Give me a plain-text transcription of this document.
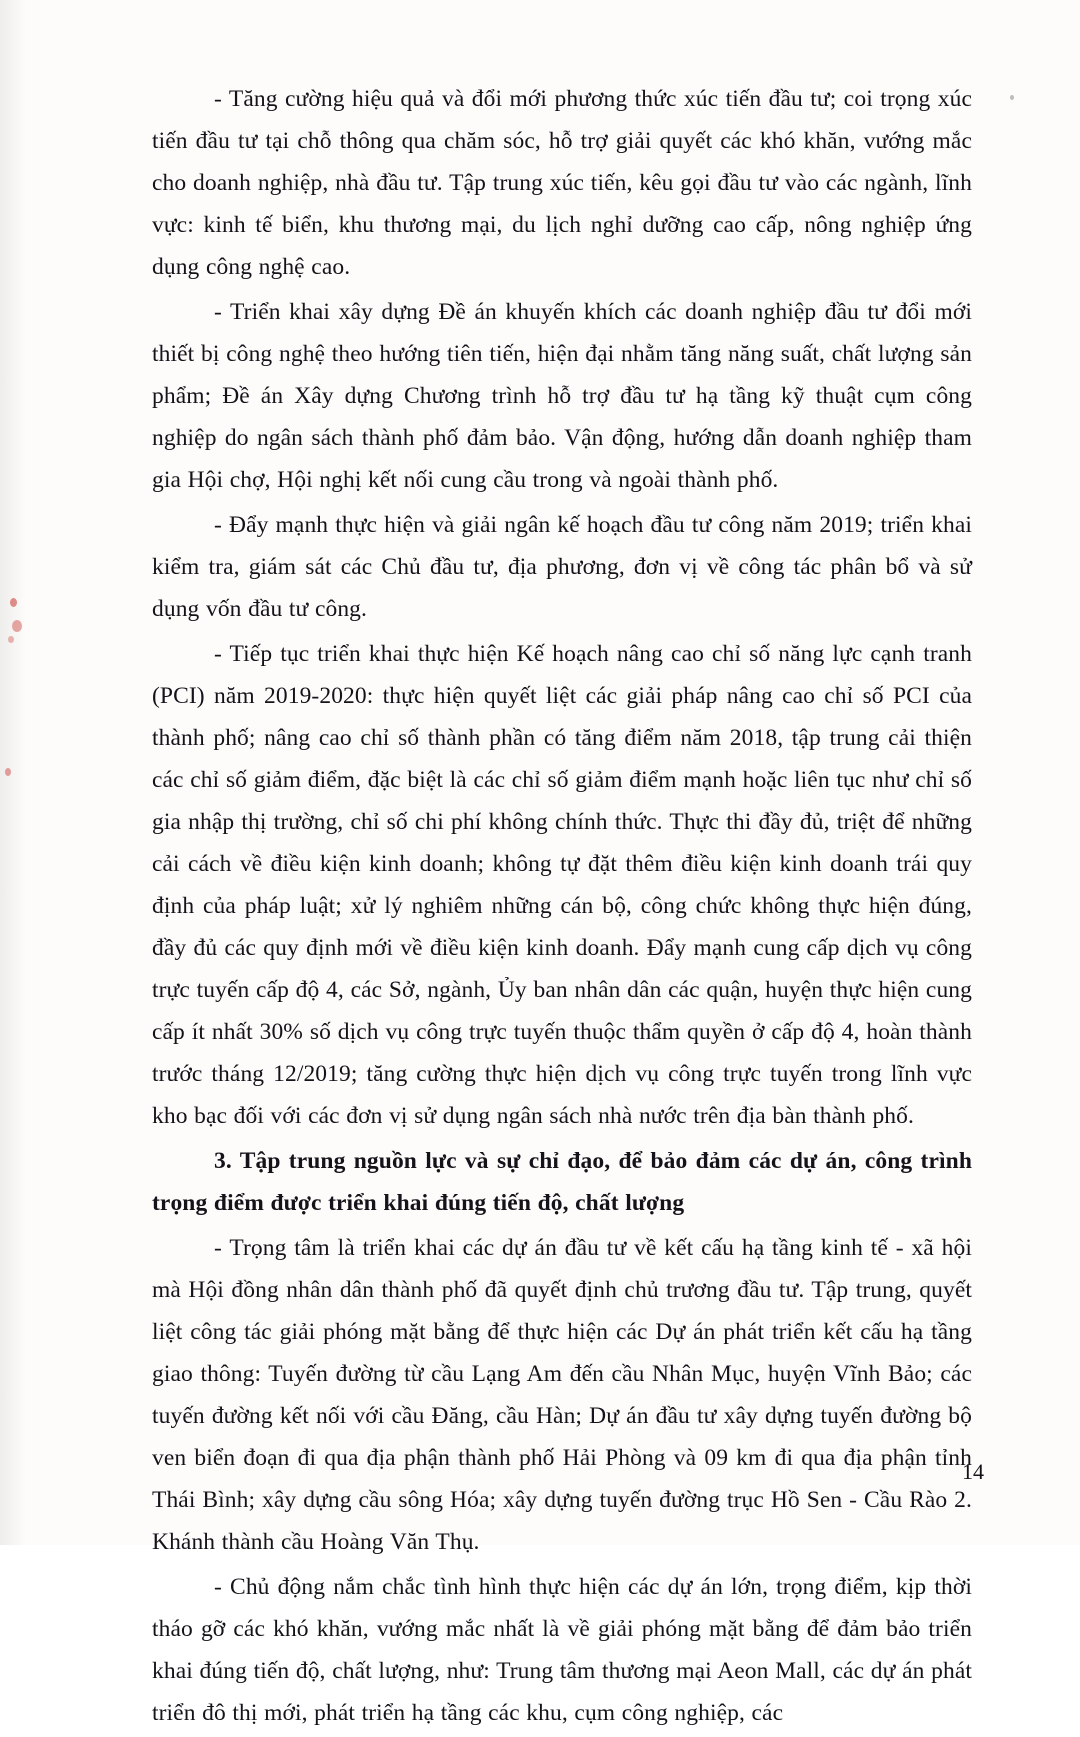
- Tăng cường hiệu quả và đổi mới phương thức xúc tiến đầu tư; coi trọng xúc tiến đầu tư tại chỗ thông qua chăm sóc, hỗ trợ giải quyết các khó khăn, vướng mắc cho doanh nghiệp, nhà đầu tư. Tập trung xúc tiến, kêu gọi đầu tư vào các ngành, lĩnh vực: kinh tế biển, khu thương mại, du lịch nghỉ dưỡng cao cấp, nông nghiệp ứng dụng công nghệ cao.

- Triển khai xây dựng Đề án khuyến khích các doanh nghiệp đầu tư đổi mới thiết bị công nghệ theo hướng tiên tiến, hiện đại nhằm tăng năng suất, chất lượng sản phẩm; Đề án Xây dựng Chương trình hỗ trợ đầu tư hạ tầng kỹ thuật cụm công nghiệp do ngân sách thành phố đảm bảo. Vận động, hướng dẫn doanh nghiệp tham gia Hội chợ, Hội nghị kết nối cung cầu trong và ngoài thành phố.

- Đẩy mạnh thực hiện và giải ngân kế hoạch đầu tư công năm 2019; triển khai kiểm tra, giám sát các Chủ đầu tư, địa phương, đơn vị về công tác phân bổ và sử dụng vốn đầu tư công.

- Tiếp tục triển khai thực hiện Kế hoạch nâng cao chỉ số năng lực cạnh tranh (PCI) năm 2019-2020: thực hiện quyết liệt các giải pháp nâng cao chỉ số PCI của thành phố; nâng cao chỉ số thành phần có tăng điểm năm 2018, tập trung cải thiện các chỉ số giảm điểm, đặc biệt là các chỉ số giảm điểm mạnh hoặc liên tục như chỉ số gia nhập thị trường, chỉ số chi phí không chính thức. Thực thi đầy đủ, triệt để những cải cách về điều kiện kinh doanh; không tự đặt thêm điều kiện kinh doanh trái quy định của pháp luật; xử lý nghiêm những cán bộ, công chức không thực hiện đúng, đầy đủ các quy định mới về điều kiện kinh doanh. Đẩy mạnh cung cấp dịch vụ công trực tuyến cấp độ 4, các Sở, ngành, Ủy ban nhân dân các quận, huyện thực hiện cung cấp ít nhất 30% số dịch vụ công trực tuyến thuộc thẩm quyền ở cấp độ 4, hoàn thành trước tháng 12/2019; tăng cường thực hiện dịch vụ công trực tuyến trong lĩnh vực kho bạc đối với các đơn vị sử dụng ngân sách nhà nước trên địa bàn thành phố.

3. Tập trung nguồn lực và sự chỉ đạo, để bảo đảm các dự án, công trình trọng điểm được triển khai đúng tiến độ, chất lượng

- Trọng tâm là triển khai các dự án đầu tư về kết cấu hạ tầng kinh tế - xã hội mà Hội đồng nhân dân thành phố đã quyết định chủ trương đầu tư. Tập trung, quyết liệt công tác giải phóng mặt bằng để thực hiện các Dự án phát triển kết cấu hạ tầng giao thông: Tuyến đường từ cầu Lạng Am đến cầu Nhân Mục, huyện Vĩnh Bảo; các tuyến đường kết nối với cầu Đăng, cầu Hàn; Dự án đầu tư xây dựng tuyến đường bộ ven biển đoạn đi qua địa phận thành phố Hải Phòng và 09 km đi qua địa phận tỉnh Thái Bình; xây dựng cầu sông Hóa; xây dựng tuyến đường trục Hồ Sen - Cầu Rào 2. Khánh thành cầu Hoàng Văn Thụ.

- Chủ động nắm chắc tình hình thực hiện các dự án lớn, trọng điểm, kịp thời tháo gỡ các khó khăn, vướng mắc nhất là về giải phóng mặt bằng để đảm bảo triển khai đúng tiến độ, chất lượng, như: Trung tâm thương mại Aeon Mall, các dự án phát triển đô thị mới, phát triển hạ tầng các khu, cụm công nghiệp, các

14
